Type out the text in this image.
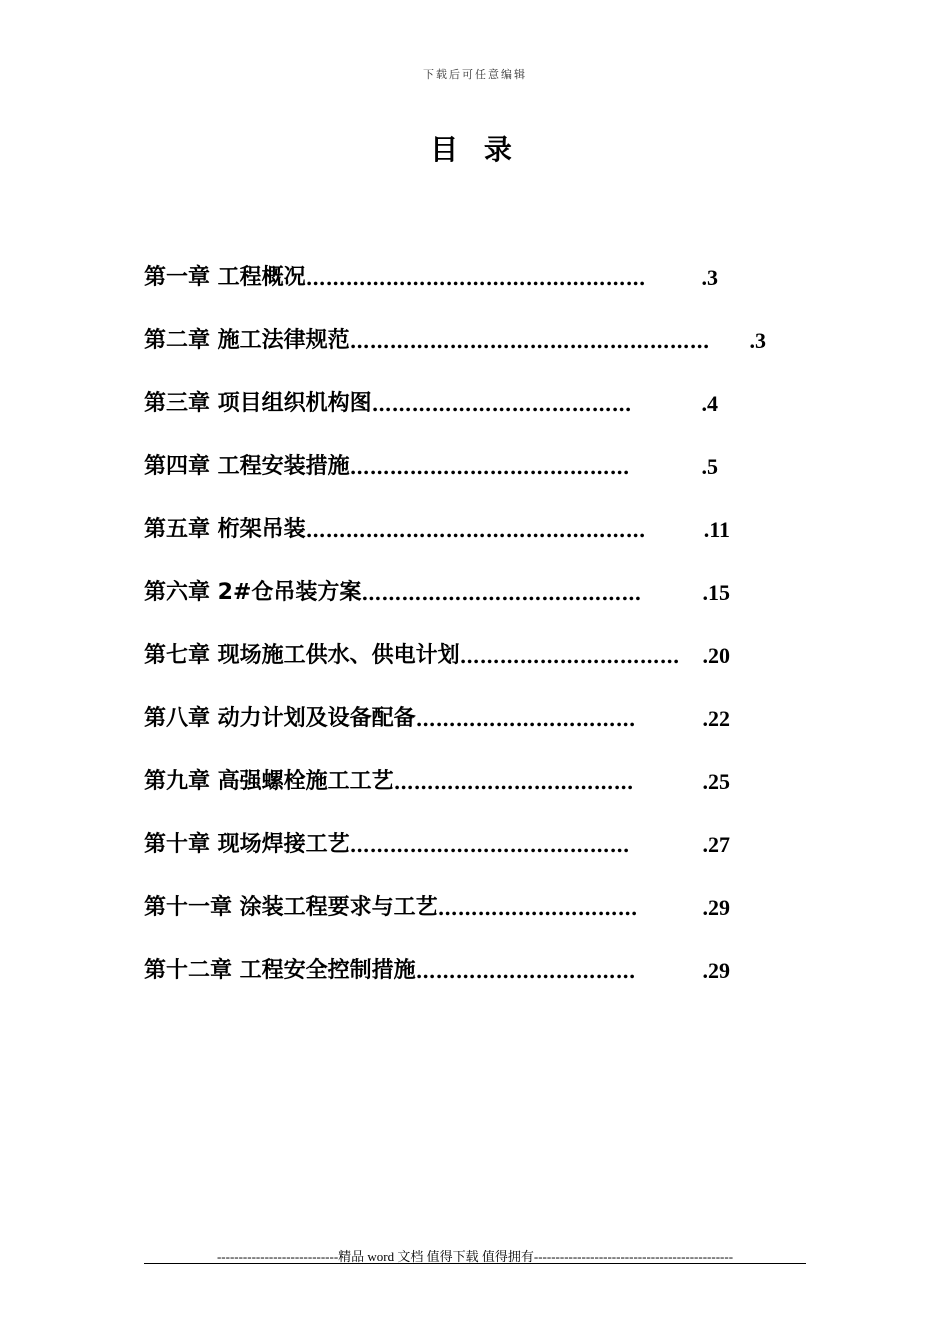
下载后可任意编辑
目 录
第一章 工程概况……………………………………………	.3
第二章 施工法律规范……………………………………………… .3
第三章 项目组织机构图…………………………………	.4
第四章 工程安装措施……………………………………	.5
第五章 桁架吊装……………………………………………	.11
第六章 2#仓吊装方案……………………………………	.15
第七章 现场施工供水、供电计划…………………………… .20
第八章 动力计划及设备配备……………………………	.22
第九章 高强螺栓施工工艺………………………………	.25
第十章 现场焊接工艺……………………………………	.27
第十一章 涂装工程要求与工艺…………………………	.29
第十二章 工程安全控制措施……………………………	.29
----------------------------精品 word 文档 值得下载 值得拥有----------------------------------------------
